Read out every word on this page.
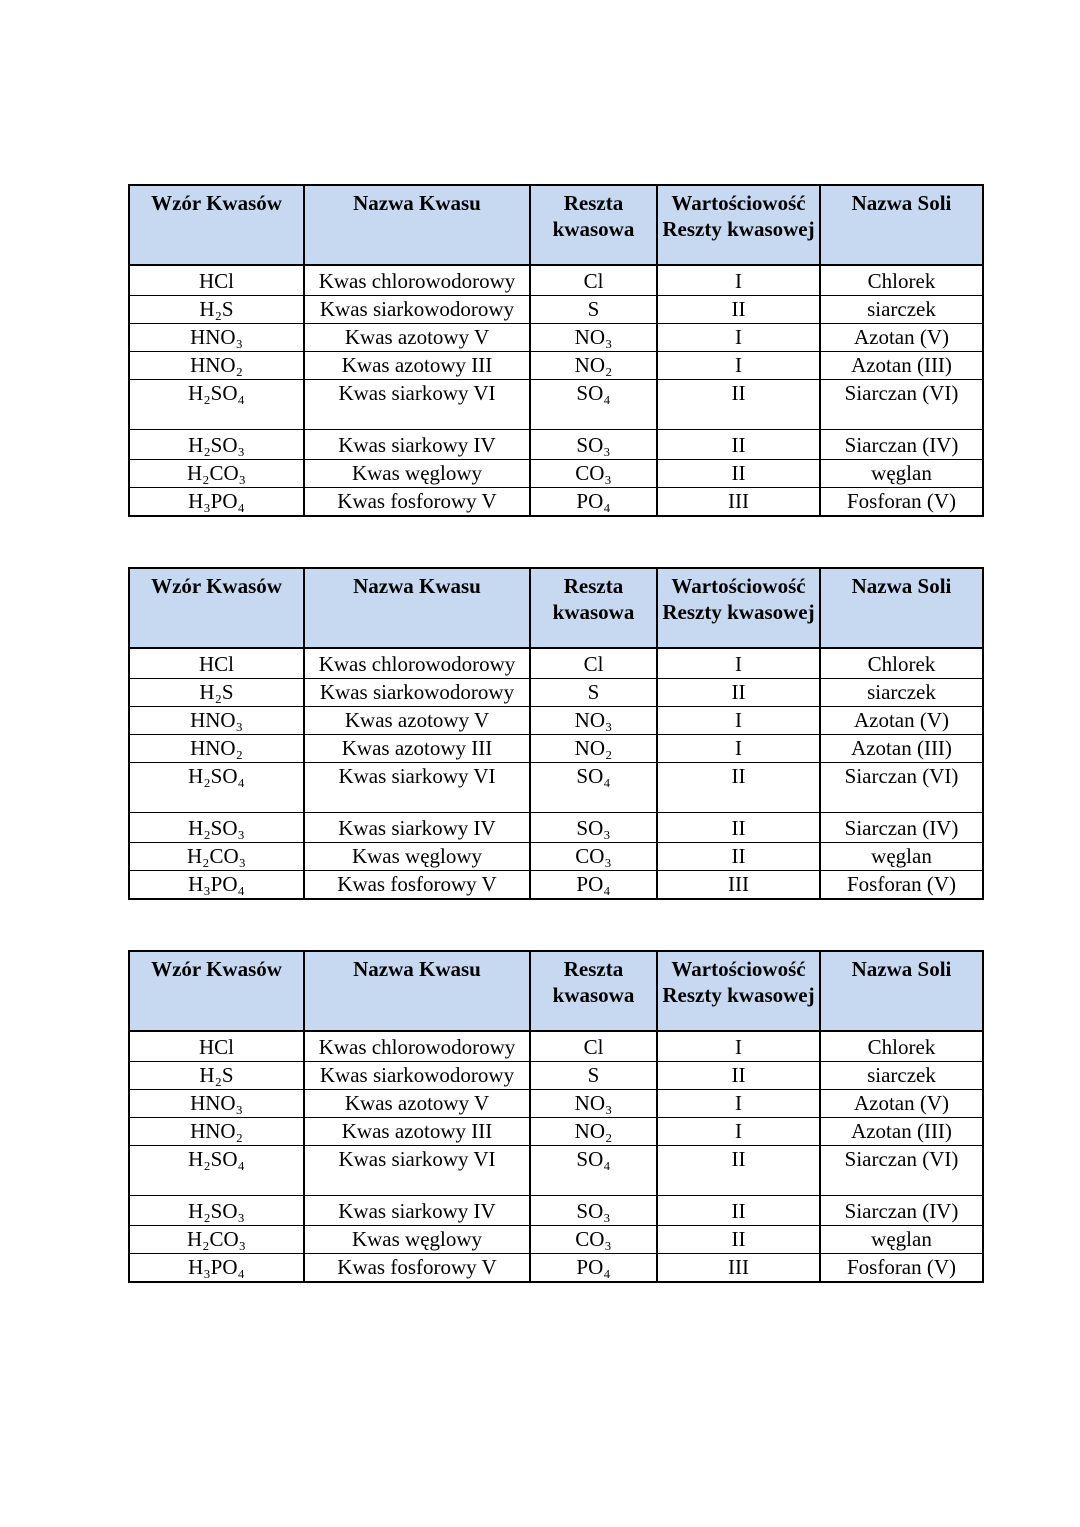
Wzór Kwasów	Nazwa Kwasu	Reszta kwasowa	Wartościowość Reszty kwasowej	Nazwa Soli
HCl	Kwas chlorowodorowy	Cl	I	Chlorek
H₂S	Kwas siarkowodorowy	S	II	siarczek
HNO₃	Kwas azotowy V	NO₃	I	Azotan (V)
HNO₂	Kwas azotowy III	NO₂	I	Azotan (III)
H₂SO₄	Kwas siarkowy VI	SO₄	II	Siarczan (VI)
H₂SO₃	Kwas siarkowy IV	SO₃	II	Siarczan (IV)
H₂CO₃	Kwas węglowy	CO₃	II	węglan
H₃PO₄	Kwas fosforowy V	PO₄	III	Fosforan (V)
Wzór Kwasów	Nazwa Kwasu	Reszta kwasowa	Wartościowość Reszty kwasowej	Nazwa Soli
HCl	Kwas chlorowodorowy	Cl	I	Chlorek
H₂S	Kwas siarkowodorowy	S	II	siarczek
HNO₃	Kwas azotowy V	NO₃	I	Azotan (V)
HNO₂	Kwas azotowy III	NO₂	I	Azotan (III)
H₂SO₄	Kwas siarkowy VI	SO₄	II	Siarczan (VI)
H₂SO₃	Kwas siarkowy IV	SO₃	II	Siarczan (IV)
H₂CO₃	Kwas węglowy	CO₃	II	węglan
H₃PO₄	Kwas fosforowy V	PO₄	III	Fosforan (V)
Wzór Kwasów	Nazwa Kwasu	Reszta kwasowa	Wartościowość Reszty kwasowej	Nazwa Soli
HCl	Kwas chlorowodorowy	Cl	I	Chlorek
H₂S	Kwas siarkowodorowy	S	II	siarczek
HNO₃	Kwas azotowy V	NO₃	I	Azotan (V)
HNO₂	Kwas azotowy III	NO₂	I	Azotan (III)
H₂SO₄	Kwas siarkowy VI	SO₄	II	Siarczan (VI)
H₂SO₃	Kwas siarkowy IV	SO₃	II	Siarczan (IV)
H₂CO₃	Kwas węglowy	CO₃	II	węglan
H₃PO₄	Kwas fosforowy V	PO₄	III	Fosforan (V)
